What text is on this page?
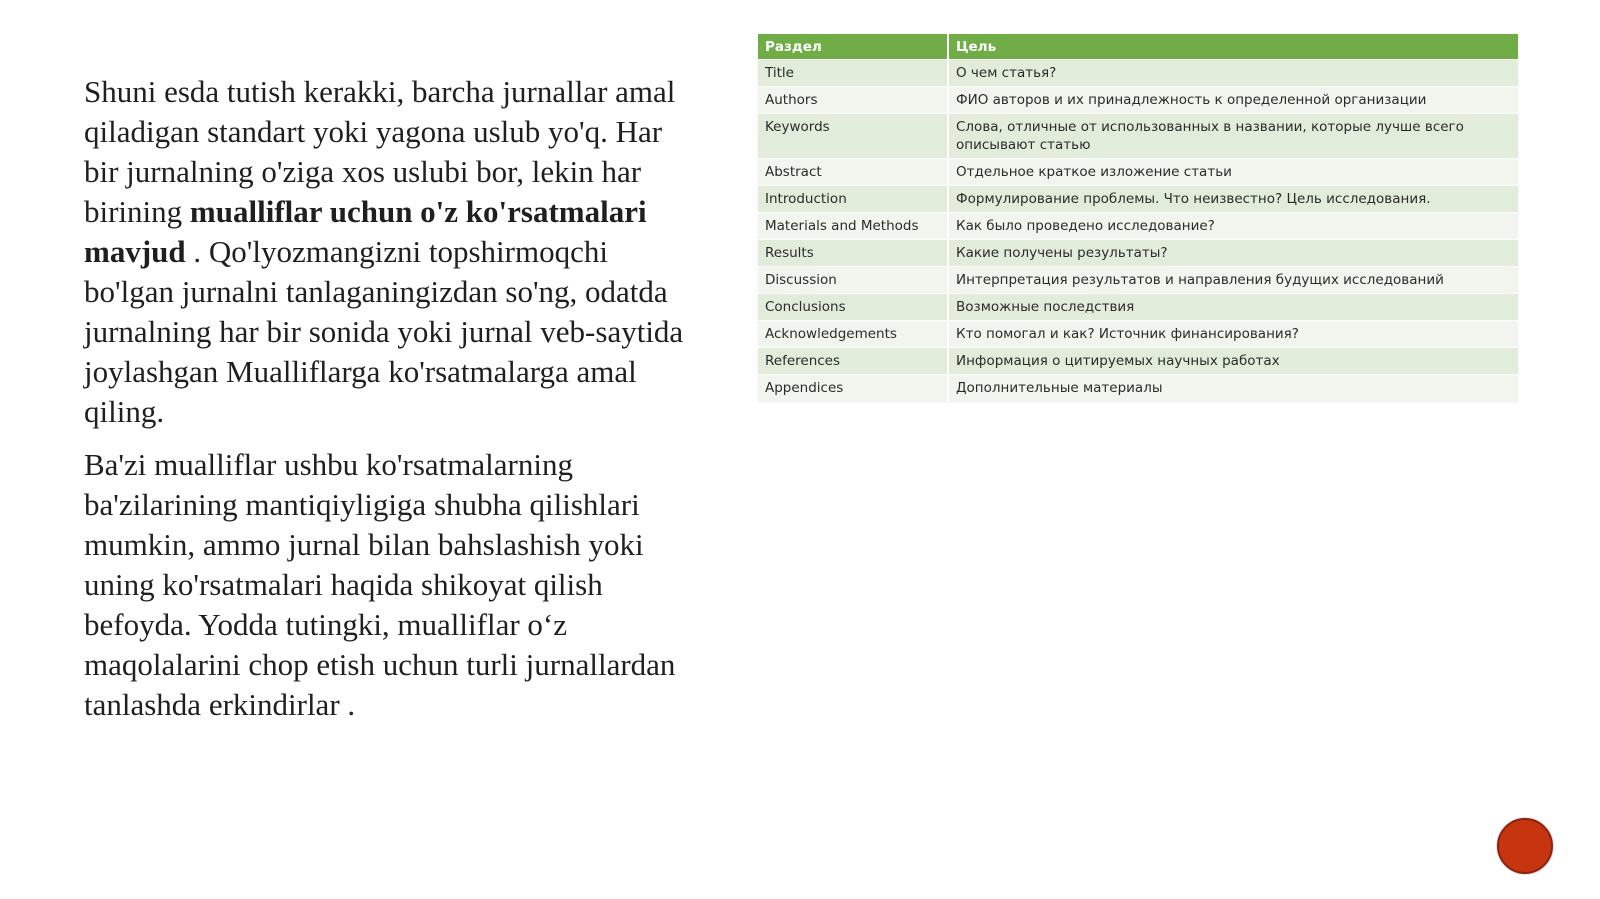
Shuni esda tutish kerakki, barcha jurnallar amal qiladigan standart yoki yagona uslub yo'q. Har bir jurnalning o'ziga xos uslubi bor, lekin har birining mualliflar uchun o'z ko'rsatmalari mavjud . Qo'lyozmangizni topshirmoqchi bo'lgan jurnalni tanlaganingizdan so'ng, odatda jurnalning har bir sonida yoki jurnal veb-saytida joylashgan Mualliflarga ko'rsatmalarga amal qiling.

Ba'zi mualliflar ushbu ko'rsatmalarning ba'zilarining mantiqiyligiga shubha qilishlari mumkin, ammo jurnal bilan bahslashish yoki uning ko'rsatmalari haqida shikoyat qilish befoyda. Yodda tutingki, mualliflar o‘z maqolalarini chop etish uchun turli jurnallardan tanlashda erkindirlar .

Раздел	Цель
Title	О чем статья?
Authors	ФИО авторов и их принадлежность к определенной организации
Keywords	Слова, отличные от использованных в названии, которые лучше всего описывают статью
Abstract	Отдельное краткое изложение статьи
Introduction	Формулирование проблемы. Что неизвестно? Цель исследования.
Materials and Methods	Как было проведено исследование?
Results	Какие получены результаты?
Discussion	Интерпретация результатов и направления будущих исследований
Conclusions	Возможные последствия
Acknowledgements	Кто помогал и как? Источник финансирования?
References	Информация о цитируемых научных работах
Appendices	Дополнительные материалы
